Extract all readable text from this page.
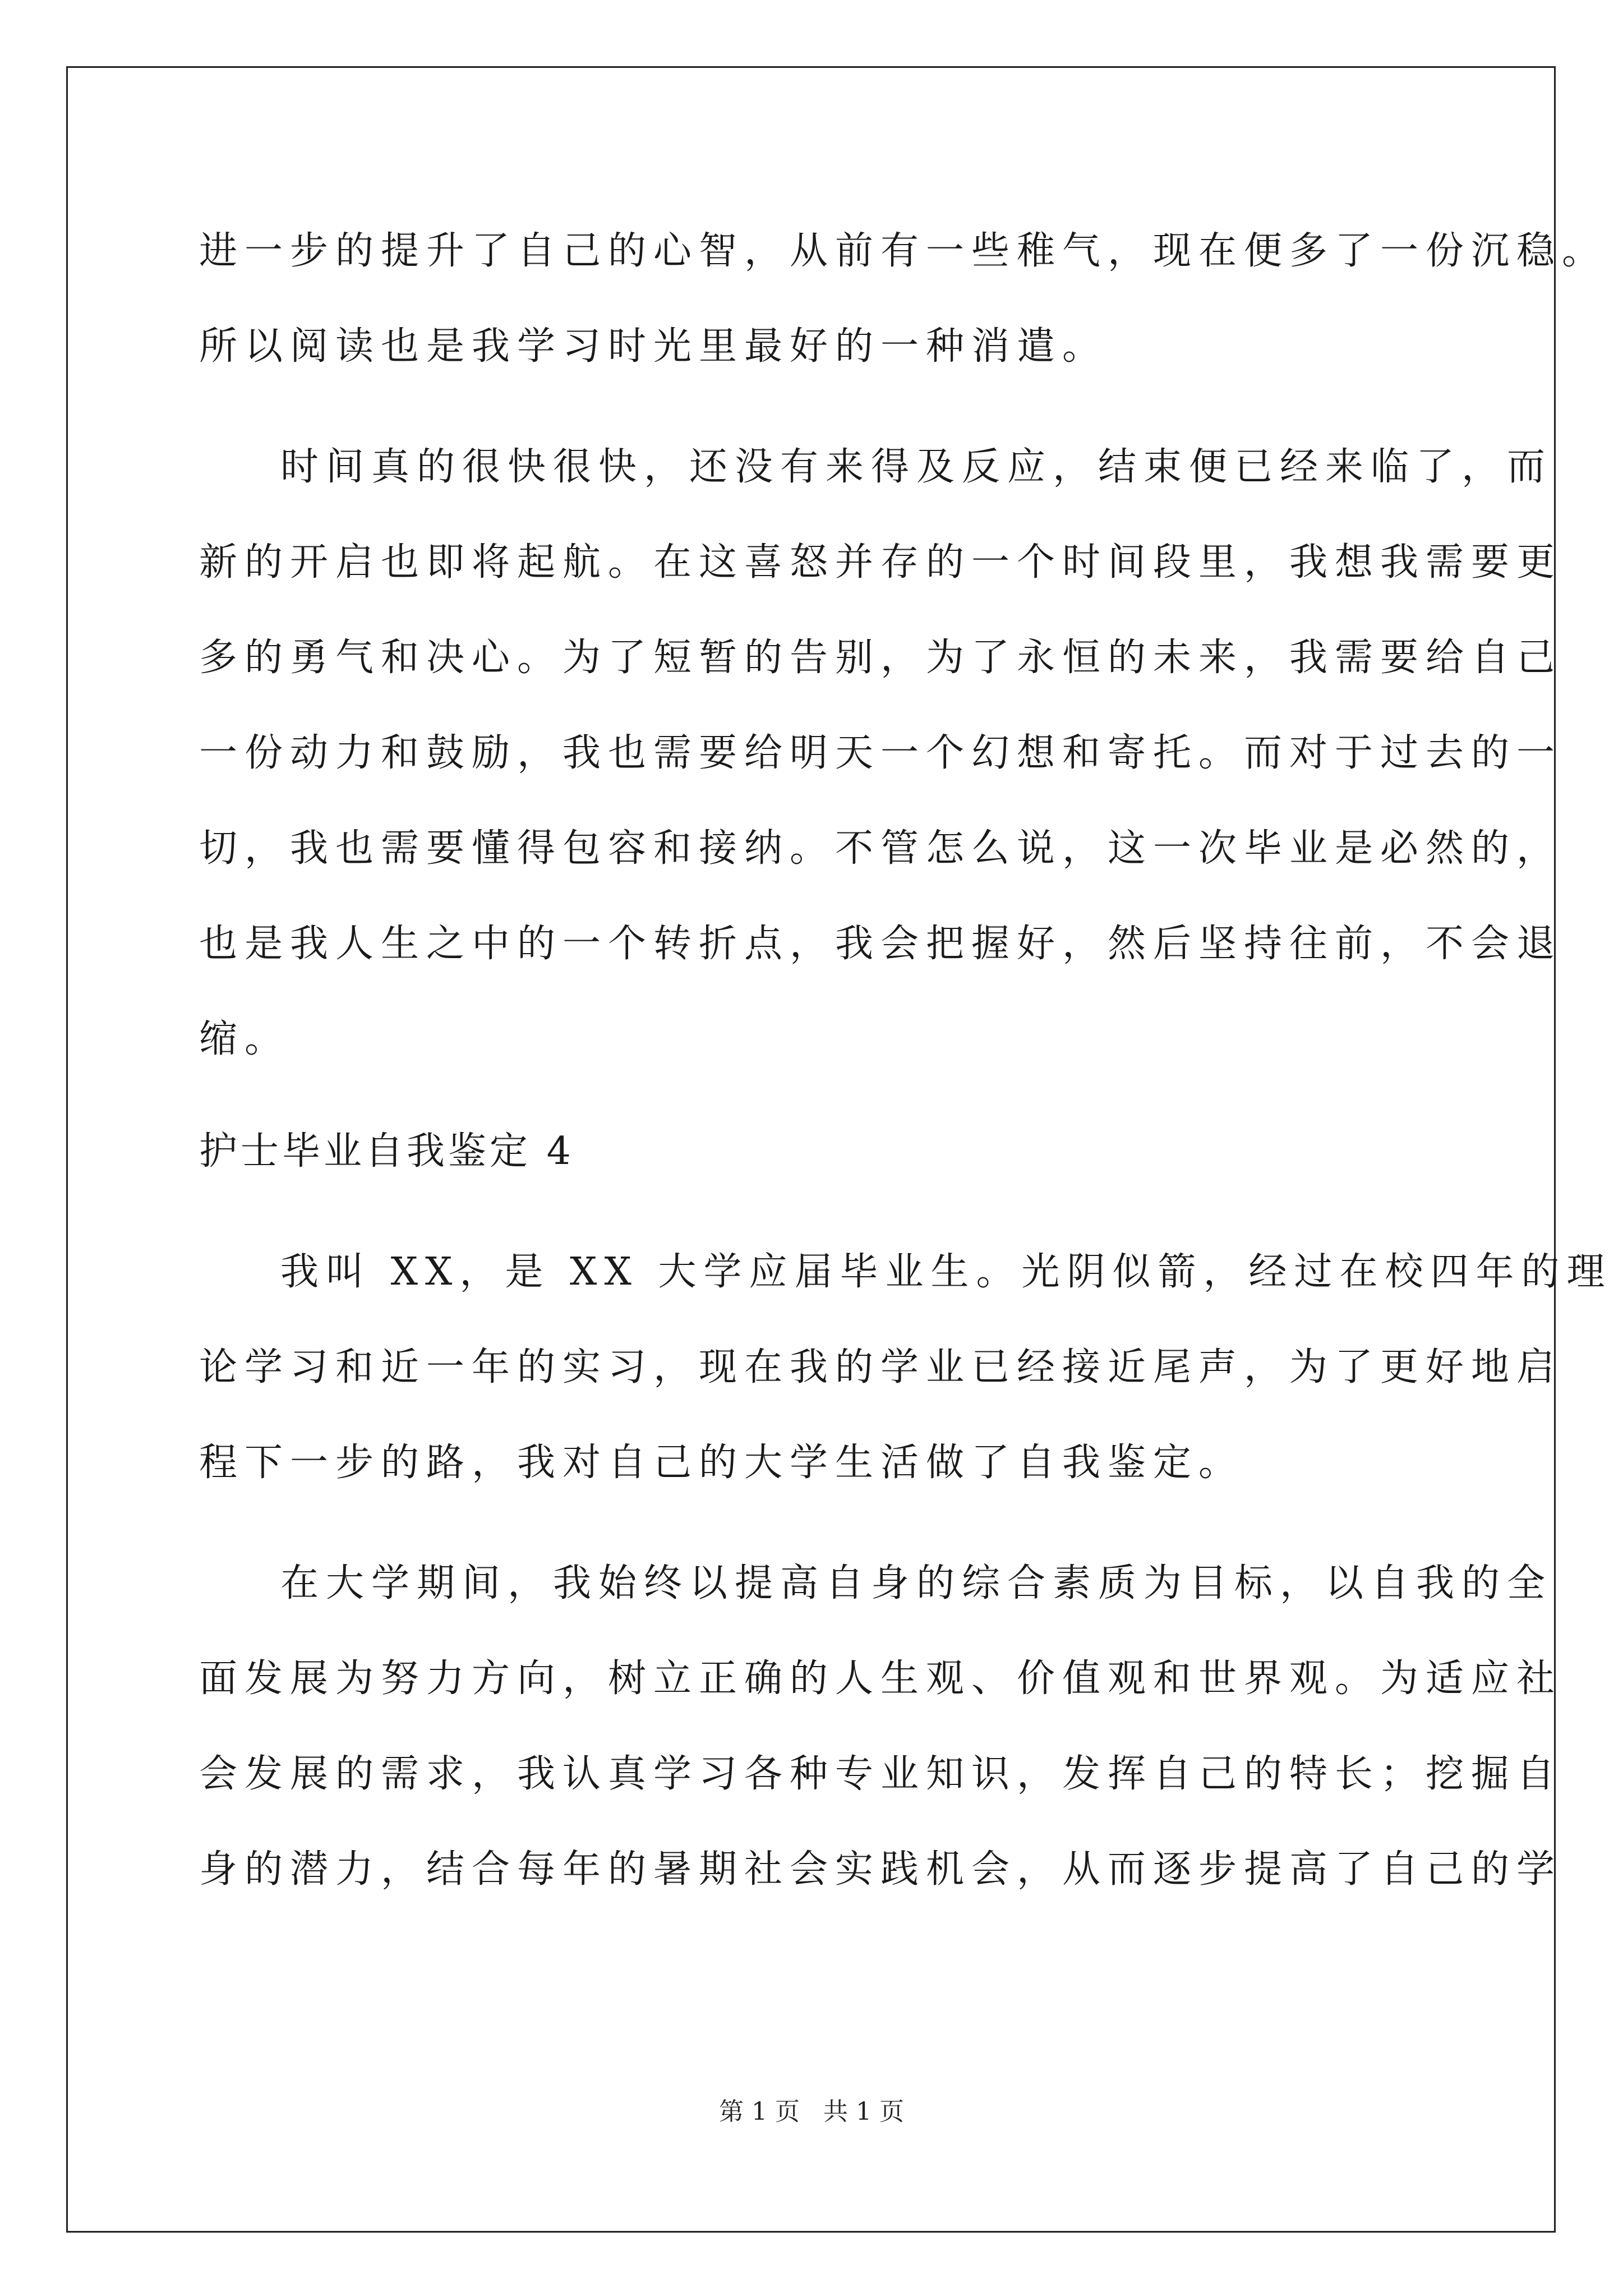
进一步的提升了自己的心智，从前有一些稚气，现在便多了一份沉稳。
所以阅读也是我学习时光里最好的一种消遣。
时间真的很快很快，还没有来得及反应，结束便已经来临了，而
新的开启也即将起航。在这喜怒并存的一个时间段里，我想我需要更
多的勇气和决心。为了短暂的告别，为了永恒的未来，我需要给自己
一份动力和鼓励，我也需要给明天一个幻想和寄托。而对于过去的一
切，我也需要懂得包容和接纳。不管怎么说，这一次毕业是必然的，
也是我人生之中的一个转折点，我会把握好，然后坚持往前，不会退
缩。
护士毕业自我鉴定 4
我叫 XX，是 XX 大学应届毕业生。光阴似箭，经过在校四年的理
论学习和近一年的实习，现在我的学业已经接近尾声，为了更好地启
程下一步的路，我对自己的大学生活做了自我鉴定。
在大学期间，我始终以提高自身的综合素质为目标，以自我的全
面发展为努力方向，树立正确的人生观、价值观和世界观。为适应社
会发展的需求，我认真学习各种专业知识，发挥自己的特长；挖掘自
身的潜力，结合每年的暑期社会实践机会，从而逐步提高了自己的学
第 1 页   共 1 页
